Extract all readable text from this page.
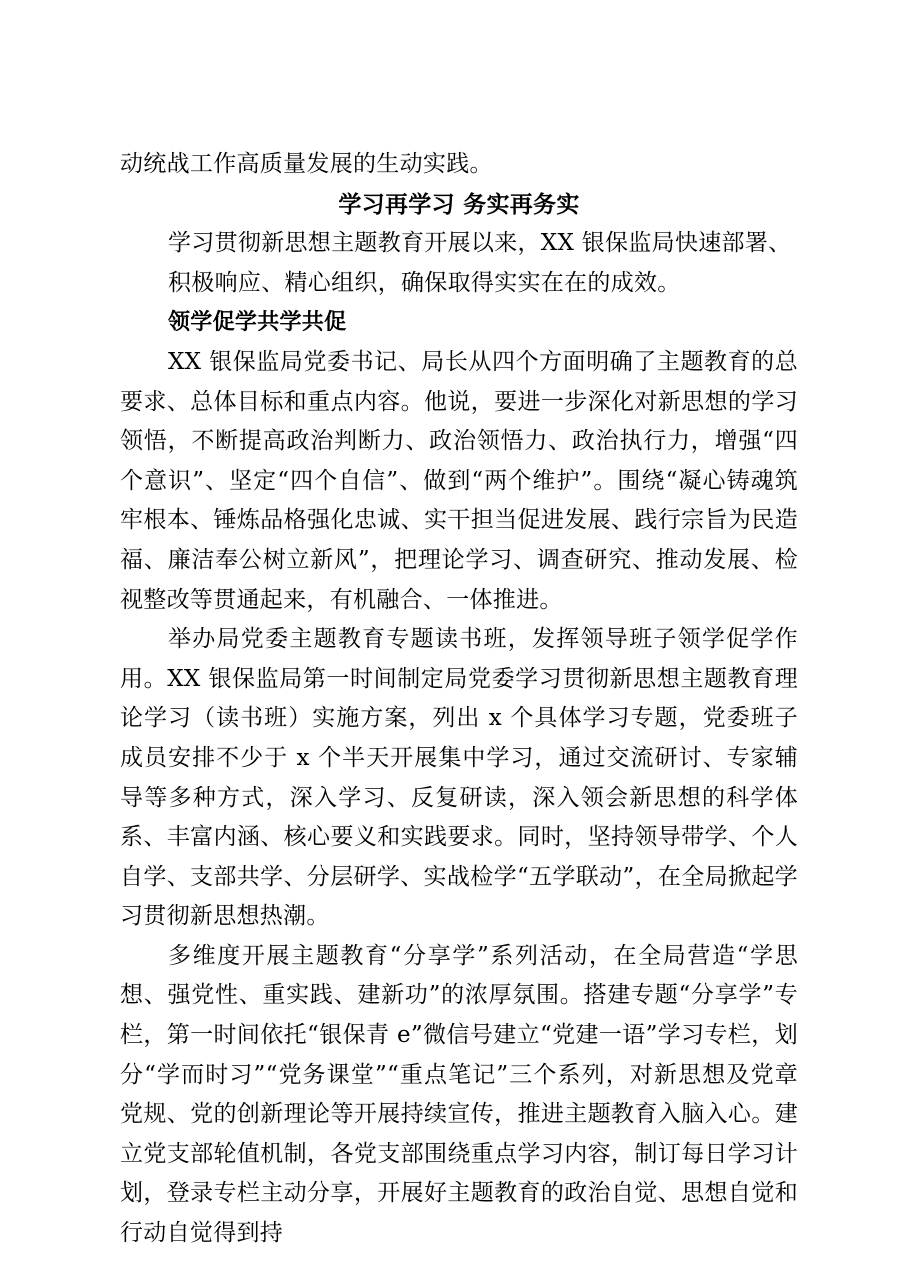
动统战工作高质量发展的生动实践。

学习再学习 务实再务实

学习贯彻新思想主题教育开展以来，XX 银保监局快速部署、

积极响应、精心组织，确保取得实实在在的成效。

领学促学共学共促

XX 银保监局党委书记、局长从四个方面明确了主题教育的总要求、总体目标和重点内容。他说，要进一步深化对新思想的学习领悟，不断提高政治判断力、政治领悟力、政治执行力，增强“四个意识”、坚定“四个自信”、做到“两个维护”。围绕“凝心铸魂筑牢根本、锤炼品格强化忠诚、实干担当促进发展、践行宗旨为民造福、廉洁奉公树立新风”，把理论学习、调查研究、推动发展、检视整改等贯通起来，有机融合、一体推进。

举办局党委主题教育专题读书班，发挥领导班子领学促学作用。XX 银保监局第一时间制定局党委学习贯彻新思想主题教育理论学习（读书班）实施方案，列出 x 个具体学习专题，党委班子成员安排不少于 x 个半天开展集中学习，通过交流研讨、专家辅导等多种方式，深入学习、反复研读，深入领会新思想的科学体系、丰富内涵、核心要义和实践要求。同时，坚持领导带学、个人自学、支部共学、分层研学、实战检学“五学联动”，在全局掀起学习贯彻新思想热潮。

多维度开展主题教育“分享学”系列活动，在全局营造“学思想、强党性、重实践、建新功”的浓厚氛围。搭建专题“分享学”专栏，第一时间依托“银保青 e”微信号建立“党建一语”学习专栏，划分“学而时习”“党务课堂”“重点笔记”三个系列，对新思想及党章党规、党的创新理论等开展持续宣传，推进主题教育入脑入心。建立党支部轮值机制，各党支部围绕重点学习内容，制订每日学习计划，登录专栏主动分享，开展好主题教育的政治自觉、思想自觉和行动自觉得到持
